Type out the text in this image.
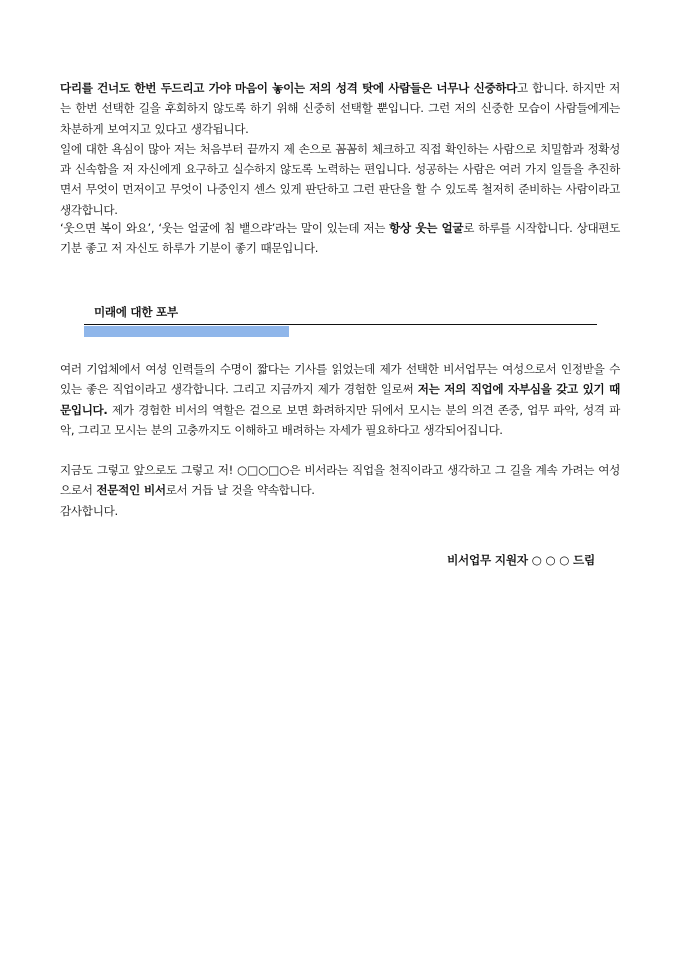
다리를 건너도 한번 두드리고 가야 마음이 놓이는 저의 성격 탓에 사람들은 너무나 신중하다고 합니다. 하지만 저는 한번 선택한 길을 후회하지 않도록 하기 위해 신중히 선택할 뿐입니다. 그런 저의 신중한 모습이 사람들에게는 차분하게 보여지고 있다고 생각됩니다.
일에 대한 욕심이 많아 저는 처음부터 끝까지 제 손으로 꼼꼼히 체크하고 직접 확인하는 사람으로 치밀함과 정확성과 신속함을 저 자신에게 요구하고 실수하지 않도록 노력하는 편입니다. 성공하는 사람은 여러 가지 일들을 추진하면서 무엇이 먼저이고 무엇이 나중인지 센스 있게 판단하고 그런 판단을 할 수 있도록 철저히 준비하는 사람이라고 생각합니다.

‘웃으면 복이 와요’, ‘웃는 얼굴에 침 뱉으랴’라는 말이 있는데 저는 항상 웃는 얼굴로 하루를 시작합니다. 상대편도 기분 좋고 저 자신도 하루가 기분이 좋기 때문입니다.

미래에 대한 포부

여러 기업체에서 여성 인력들의 수명이 짧다는 기사를 읽었는데 제가 선택한 비서업무는 여성으로서 인정받을 수 있는 좋은 직업이라고 생각합니다. 그리고 지금까지 제가 경험한 일로써 저는 저의 직업에 자부심을 갖고 있기 때문입니다. 제가 경험한 비서의 역할은 겉으로 보면 화려하지만 뒤에서 모시는 분의 의견 존중, 업무 파악, 성격 파악, 그리고 모시는 분의 고충까지도 이해하고 배려하는 자세가 필요하다고 생각되어집니다.

지금도 그렇고 앞으로도 그렇고 저! ○□○□○은 비서라는 직업을 천직이라고 생각하고 그 길을 계속 가려는 여성으로서 전문적인 비서로서 거듭 날 것을 약속합니다.

감사합니다.
비서업무 지원자 ○ ○ ○ 드림
